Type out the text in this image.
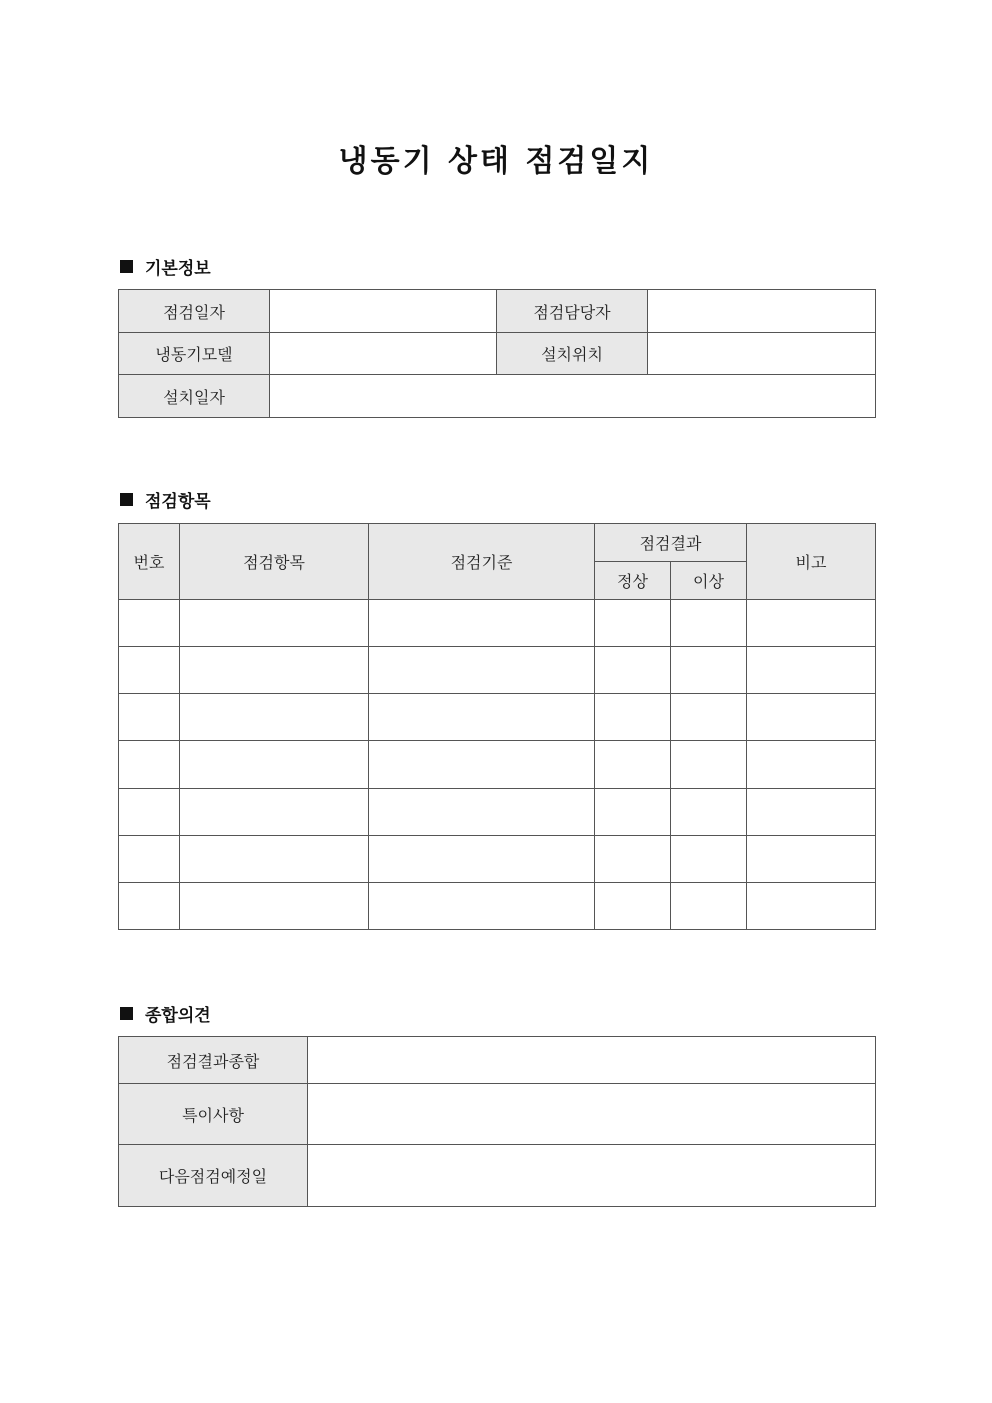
냉동기 상태 점검일지
기본정보
점검일자		점검담당자	
냉동기모델		설치위치	
설치일자			
점검항목
번호	점검항목	점검기준	점검결과		비고
			정상	이상	

종합의견
점검결과종합	
특이사항	
다음점검예정일	
